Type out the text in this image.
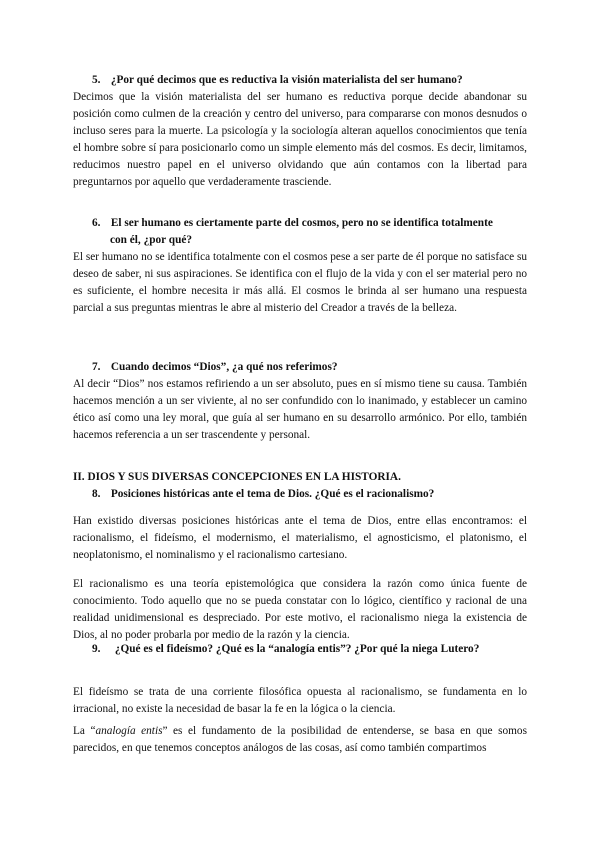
5. ¿Por qué decimos que es reductiva la visión materialista del ser humano?

Decimos que la visión materialista del ser humano es reductiva porque decide abandonar su posición como culmen de la creación y centro del universo, para compararse con monos desnudos o incluso seres para la muerte. La psicología y la sociología alteran aquellos conocimientos que tenía el hombre sobre sí para posicionarlo como un simple elemento más del cosmos. Es decir, limitamos, reducimos nuestro papel en el universo olvidando que aún contamos con la libertad para preguntarnos por aquello que verdaderamente trasciende.

6. El ser humano es ciertamente parte del cosmos, pero no se identifica totalmente
con él, ¿por qué?

El ser humano no se identifica totalmente con el cosmos pese a ser parte de él porque no satisface su deseo de saber, ni sus aspiraciones. Se identifica con el flujo de la vida y con el ser material pero no es suficiente, el hombre necesita ir más allá. El cosmos le brinda al ser humano una respuesta parcial a sus preguntas mientras le abre al misterio del Creador a través de la belleza.

7. Cuando decimos “Dios”, ¿a qué nos referimos?

Al decir “Dios” nos estamos refiriendo a un ser absoluto, pues en sí mismo tiene su causa. También hacemos mención a un ser viviente, al no ser confundido con lo inanimado, y establecer un camino ético así como una ley moral, que guía al ser humano en su desarrollo armónico. Por ello, también hacemos referencia a un ser trascendente y personal.

II. DIOS Y SUS DIVERSAS CONCEPCIONES EN LA HISTORIA.
8. Posiciones históricas ante el tema de Dios. ¿Qué es el racionalismo?

Han existido diversas posiciones históricas ante el tema de Dios, entre ellas encontramos: el racionalismo, el fideísmo, el modernismo, el materialismo, el agnosticismo, el platonismo, el neoplatonismo, el nominalismo y el racionalismo cartesiano.

El racionalismo es una teoría epistemológica que considera la razón como única fuente de conocimiento. Todo aquello que no se pueda constatar con lo lógico, científico y racional de una realidad unidimensional es despreciado. Por este motivo, el racionalismo niega la existencia de Dios, al no poder probarla por medio de la razón y la ciencia.

9. ¿Qué es el fideísmo? ¿Qué es la “analogía entis”? ¿Por qué la niega Lutero?

El fideísmo se trata de una corriente filosófica opuesta al racionalismo, se fundamenta en lo irracional, no existe la necesidad de basar la fe en la lógica o la ciencia.

La “analogía entis” es el fundamento de la posibilidad de entenderse, se basa en que somos parecidos, en que tenemos conceptos análogos de las cosas, así como también compartimos
